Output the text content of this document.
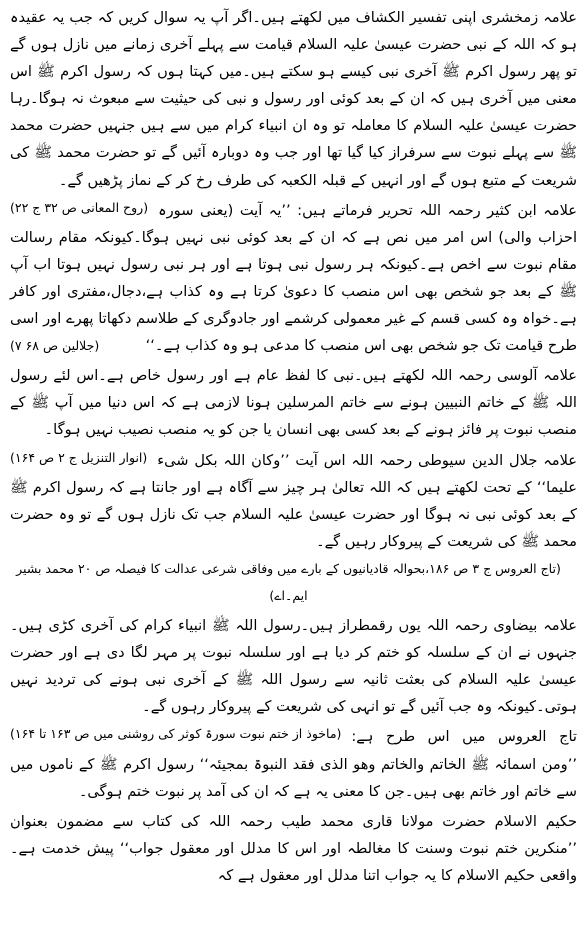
علامہ زمخشری اپنی تفسیر الکشاف میں لکھتے ہیں۔اگر آپ یہ سوال کریں کہ جب یہ عقیدہ ہو کہ اللہ کے نبی حضرت عیسیٰ علیہ السلام قیامت سے پہلے آخری زمانے میں نازل ہوں گے تو پھر رسول اکرم ﷺ آخری نبی کیسے ہو سکتے ہیں۔میں کہتا ہوں کہ رسول اکرم ﷺ اس معنی میں آخری ہیں کہ ان کے بعد کوئی اور رسول و نبی کی حیثیت سے مبعوث نہ ہوگا۔رہا حضرت عیسیٰ علیہ السلام کا معاملہ تو وہ ان انبیاء کرام میں سے ہیں جنہیں حضرت محمد ﷺ سے پہلے نبوت سے سرفراز کیا گیا تھا اور جب وہ دوبارہ آئیں گے تو حضرت محمد ﷺ کی شریعت کے متبع ہوں گے اور انہیں کے قبلہ الکعبہ کی طرف رخ کر کے نماز پڑھیں گے۔
(روح المعانی ص ۳۲ ج ۲۲) علامہ ابن کثیر رحمہ اللہ تحریر فرماتے ہیں: ’’یہ آیت (یعنی سورہ احزاب والی) اس امر میں نص ہے کہ ان کے بعد کوئی نبی نہیں ہوگا۔کیونکہ مقام رسالت مقام نبوت سے اخص ہے۔کیونکہ ہر رسول نبی ہوتا ہے اور ہر نبی رسول نہیں ہوتا اب آپ ﷺ کے بعد جو شخص بھی اس منصب کا دعویٰ کرتا ہے وہ کذاب ہے،دجال،مفتری اور کافر ہے۔خواہ وہ کسی قسم کے غیر معمولی کرشمے اور جادوگری کے طلاسم دکھاتا پھرے اور اسی طرح قیامت تک جو شخص بھی اس منصب کا مدعی ہو وہ کذاب ہے۔‘‘
(جلالین ص ۶۸ ۷)

علامہ آلوسی رحمہ اللہ لکھتے ہیں۔نبی کا لفظ عام ہے اور رسول خاص ہے۔اس لئے رسول اللہ ﷺ کے خاتم النبیین ہونے سے خاتم المرسلین ہونا لازمی ہے کہ اس دنیا میں آپ ﷺ کے منصب نبوت پر فائز ہونے کے بعد کسی بھی انسان یا جن کو یہ منصب نصیب نہیں ہوگا۔
(انوار التنزیل ج ۲ ص ۱۶۴) علامہ جلال الدین سیوطی رحمہ اللہ اس آیت ’’وکان اللہ بکل شیء علیما‘‘ کے تحت لکھتے ہیں کہ اللہ تعالیٰ ہر چیز سے آگاہ ہے اور جانتا ہے کہ رسول اکرم ﷺ کے بعد کوئی نبی نہ ہوگا اور حضرت عیسیٰ علیہ السلام جب تک نازل ہوں گے تو وہ حضرت محمد ﷺ کی شریعت کے پیروکار رہیں گے۔

(تاج العروس ج ۳ ص ۱۸۶،بحوالہ قادیانیوں کے بارے میں وفاقی شرعی عدالت کا فیصلہ ص ۲۰ محمد بشیر ایم۔اے)

علامہ بیضاوی رحمہ اللہ یوں رقمطراز ہیں۔رسول اللہ ﷺ انبیاء کرام کی آخری کڑی ہیں۔جنہوں نے ان کے سلسلہ کو ختم کر دیا ہے اور سلسلہ نبوت پر مہر لگا دی ہے اور حضرت عیسیٰ علیہ السلام کی بعثت ثانیہ سے رسول اللہ ﷺ کے آخری نبی ہونے کی تردید نہیں ہوتی۔کیونکہ وہ جب آئیں گے تو انہی کی شریعت کے پیروکار رہوں گے۔
(ماخوذ از ختم نبوت سورۃ کوثر کی روشنی میں ص ۱۶۳ تا ۱۶۴) تاج العروس میں اس طرح ہے: ’’ومن اسمائہ ﷺ الخاتم والخاتم وھو الذی فقد النبوۃ بمجیئہ‘‘ رسول اکرم ﷺ کے ناموں میں سے خاتم اور خاتم بھی ہیں۔جن کا معنی یہ ہے کہ ان کی آمد پر نبوت ختم ہوگی۔

حکیم الاسلام حضرت مولانا قاری محمد طیب رحمہ اللہ کی کتاب سے مضمون بعنوان ’’منکرین ختم نبوت وسنت کا مغالطہ اور اس کا مدلل اور معقول جواب‘‘ پیش خدمت ہے۔واقعی حکیم الاسلام کا یہ جواب اتنا مدلل اور معقول ہے کہ
